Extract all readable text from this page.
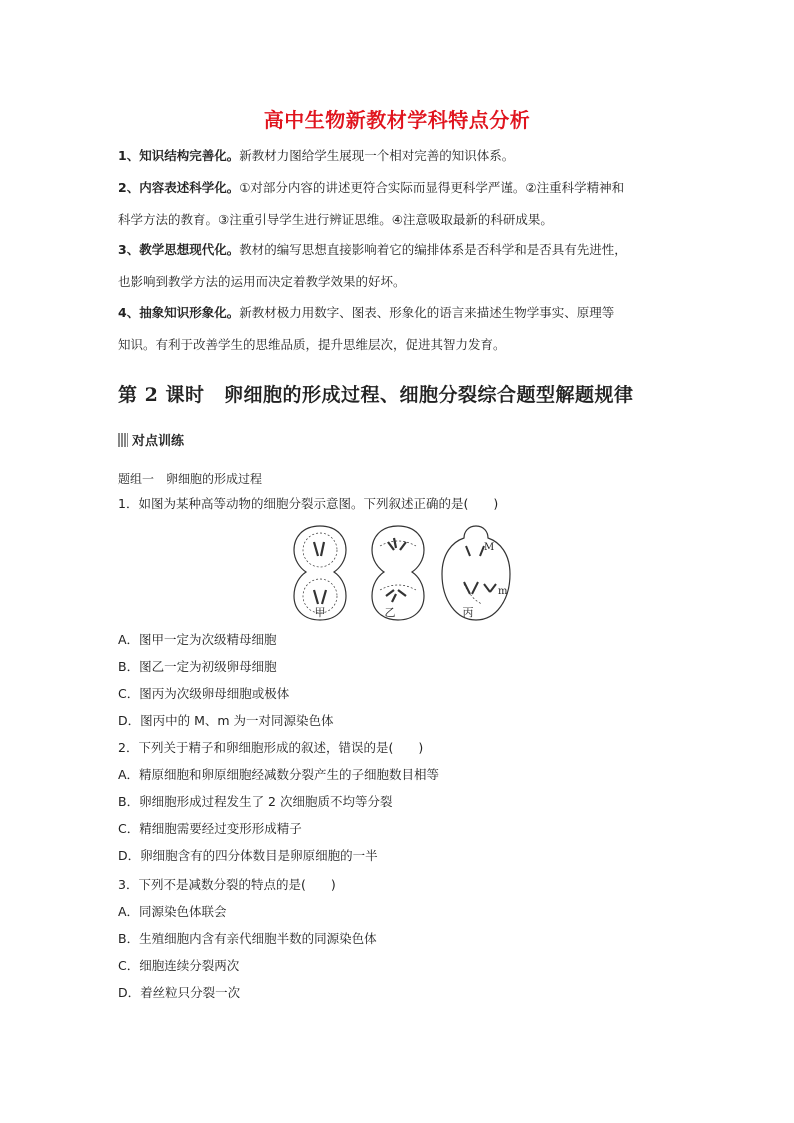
高中生物新教材学科特点分析

1、知识结构完善化。新教材力图给学生展现一个相对完善的知识体系。

2、内容表述科学化。①对部分内容的讲述更符合实际而显得更科学严谨。②注重科学精神和

科学方法的教育。③注重引导学生进行辨证思维。④注意吸取最新的科研成果。

3、教学思想现代化。教材的编写思想直接影响着它的编排体系是否科学和是否具有先进性，

也影响到教学方法的运用而决定着教学效果的好坏。

4、抽象知识形象化。新教材极力用数字、图表、形象化的语言来描述生物学事实、原理等

知识。有利于改善学生的思维品质，提升思维层次，促进其智力发育。

第 2 课时　卵细胞的形成过程、细胞分裂综合题型解题规律
对点训练

题组一　卵细胞的形成过程

1．如图为某种高等动物的细胞分裂示意图。下列叙述正确的是(　　)

M
m
甲	乙	丙

A．图甲一定为次级精母细胞

B．图乙一定为初级卵母细胞

C．图丙为次级卵母细胞或极体

D．图丙中的 M、m 为一对同源染色体

2．下列关于精子和卵细胞形成的叙述，错误的是(　　)

A．精原细胞和卵原细胞经减数分裂产生的子细胞数目相等

B．卵细胞形成过程发生了 2 次细胞质不均等分裂

C．精细胞需要经过变形形成精子

D．卵细胞含有的四分体数目是卵原细胞的一半

3．下列不是减数分裂的特点的是(　　)

A．同源染色体联会

B．生殖细胞内含有亲代细胞半数的同源染色体

C．细胞连续分裂两次

D．着丝粒只分裂一次
